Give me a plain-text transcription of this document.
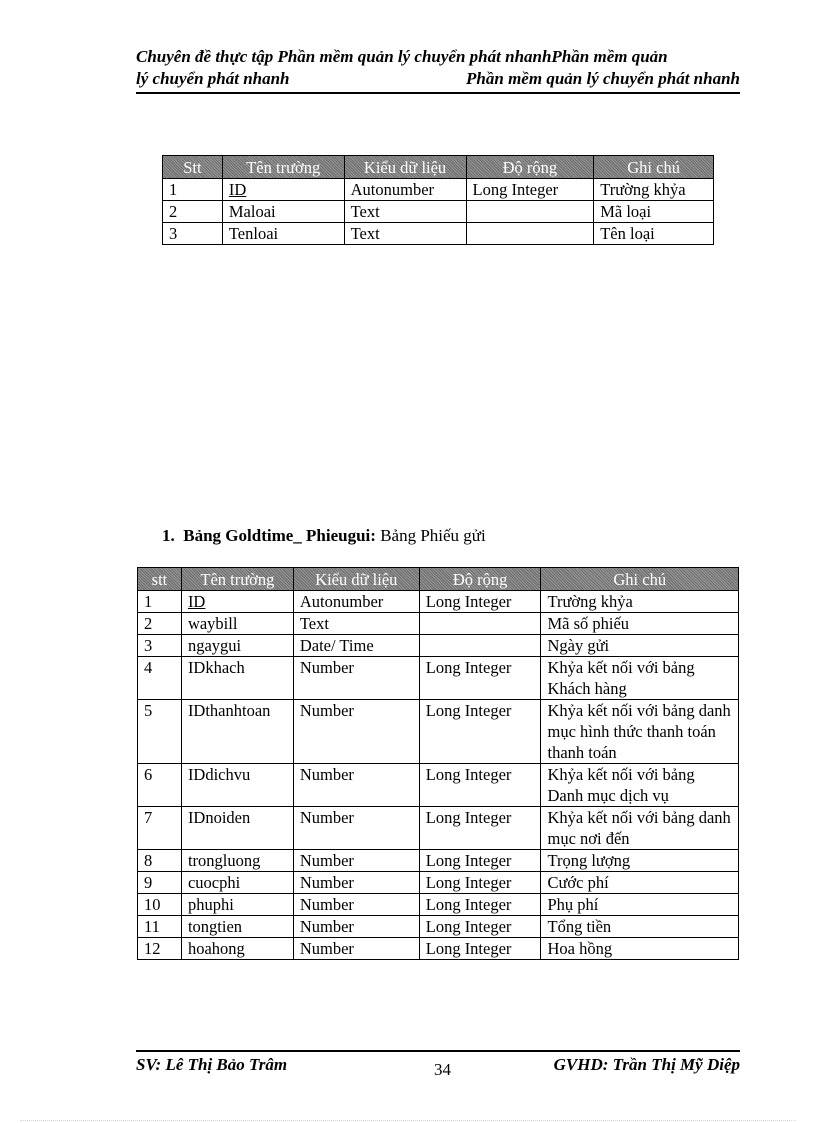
Chuyên đề thực tập Phần mềm quản lý chuyển phát nhanhPhần mềm quản
lý chuyển phát nhanh	Phần mềm quản lý chuyển phát nhanh
Stt	Tên trường	Kiểu dữ liệu	Độ rộng	Ghi chú
1	ID	Autonumber	Long Integer	Trường khỷa
2	Maloai	Text		Mã loại
3	Tenloai	Text		Tên loại
1. Bảng Goldtime_ Phieugui: Bảng Phiếu gửi
stt	Tên trường	Kiểu dữ liệu	Độ rộng	Ghi chú
1	ID	Autonumber	Long Integer	Trường khỷa
2	waybill	Text		Mã số phiếu
3	ngaygui	Date/ Time		Ngày gửi
4	IDkhach	Number	Long Integer	Khỷa kết nối với bảng Khách hàng
5	IDthanhtoan	Number	Long Integer	Khỷa kết nối với bảng danh mục hình thức thanh toán thanh toán
6	IDdichvu	Number	Long Integer	Khỷa kết nối với bảng Danh mục dịch vụ
7	IDnoiden	Number	Long Integer	Khỷa kết nối với bảng danh mục nơi đến
8	trongluong	Number	Long Integer	Trọng lượng
9	cuocphi	Number	Long Integer	Cước phí
10	phuphi	Number	Long Integer	Phụ phí
11	tongtien	Number	Long Integer	Tổng tiền
12	hoahong	Number	Long Integer	Hoa hồng
SV: Lê Thị Bảo Trâm	34	GVHD: Trần Thị Mỹ Diệp
